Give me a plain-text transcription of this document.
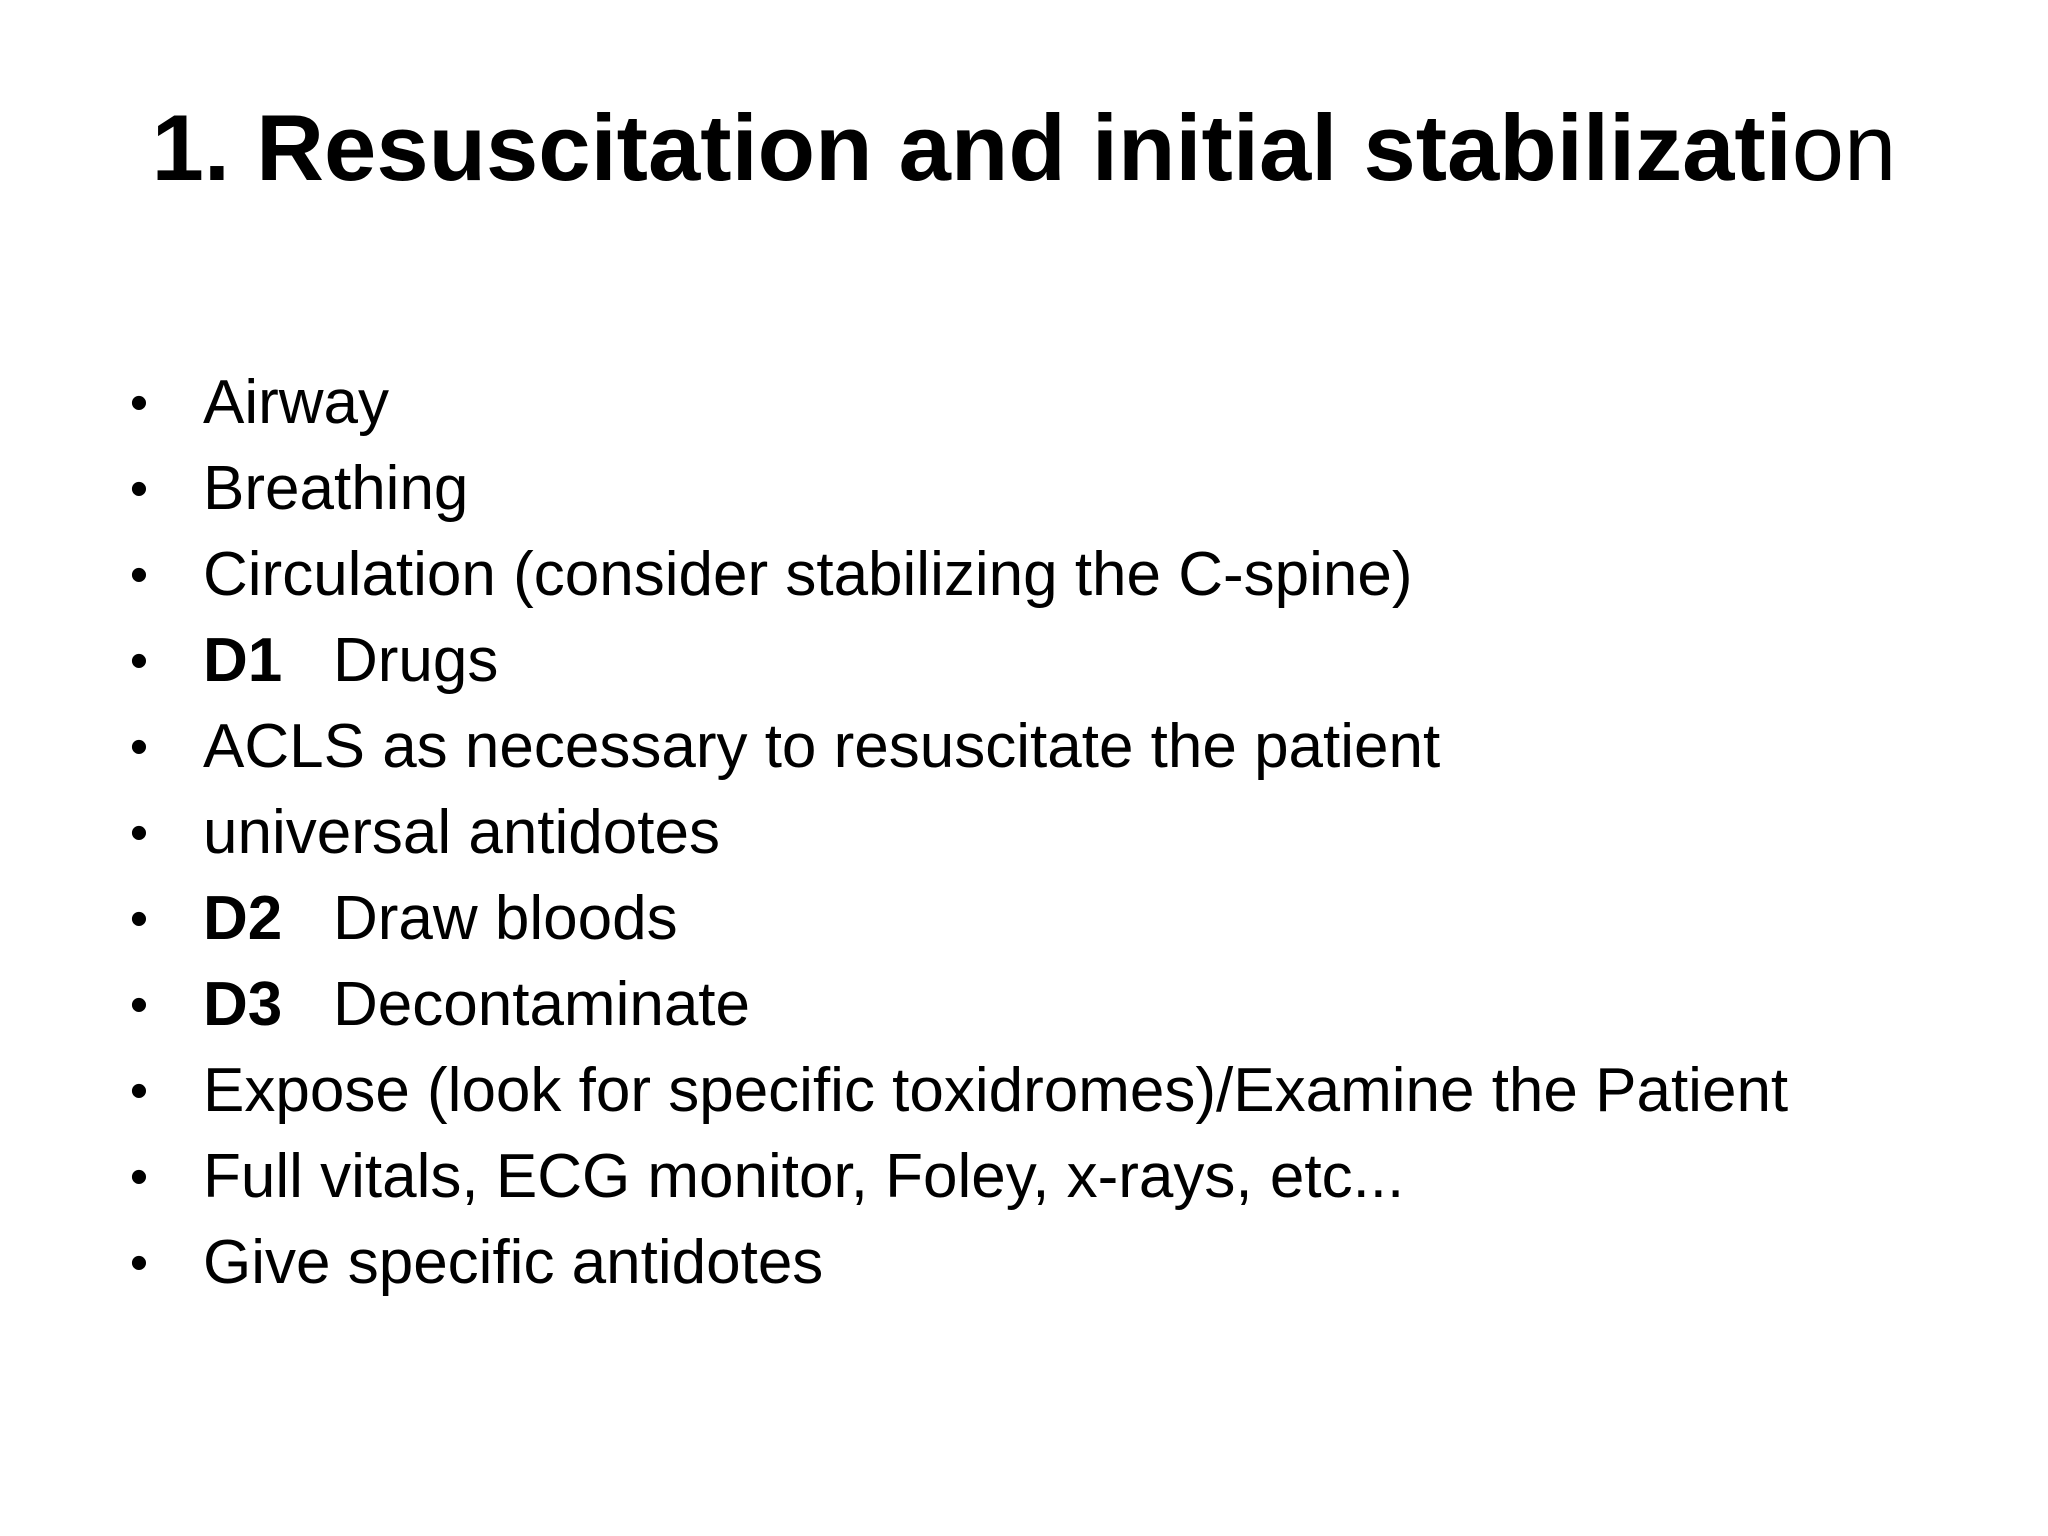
1. Resuscitation and initial stabilization
• Airway
• Breathing
• Circulation (consider stabilizing the C-spine)
• D1 Drugs
• ACLS as necessary to resuscitate the patient
• universal antidotes
• D2 Draw bloods
• D3 Decontaminate
• Expose (look for specific toxidromes)/Examine the Patient
• Full vitals, ECG monitor, Foley, x-rays, etc...
• Give specific antidotes
